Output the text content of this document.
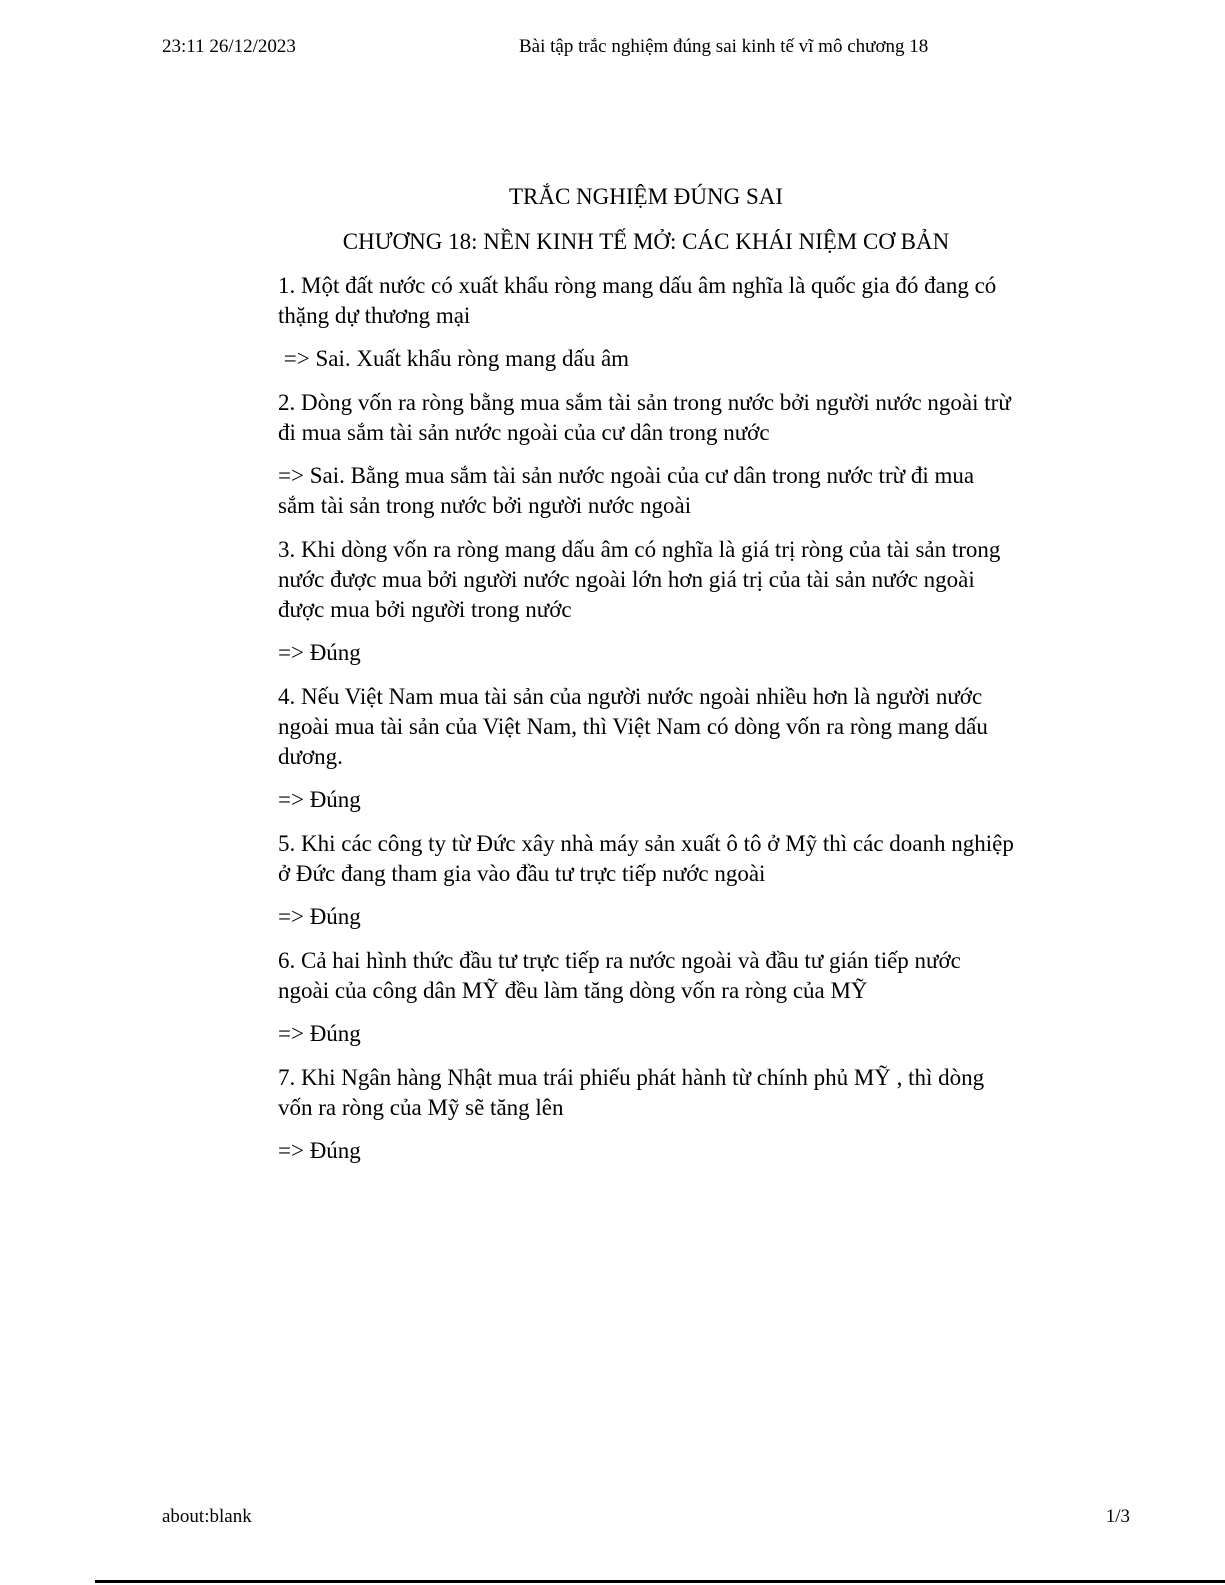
23:11 26/12/2023	Bài tập trắc nghiệm đúng sai kinh tế vĩ mô chương 18
TRẮC NGHIỆM ĐÚNG SAI
CHƯƠNG 18: NỀN KINH TẾ MỞ: CÁC KHÁI NIỆM CƠ BẢN

1. Một đất nước có xuất khẩu ròng mang dấu âm nghĩa là quốc gia đó đang có thặng dự thương mại

=> Sai. Xuất khẩu ròng mang dấu âm

2. Dòng vốn ra ròng bằng mua sắm tài sản trong nước bởi người nước ngoài trừ đi mua sắm tài sản nước ngoài của cư dân trong nước

=> Sai. Bằng mua sắm tài sản nước ngoài của cư dân trong nước trừ đi mua sắm tài sản trong nước bởi người nước ngoài

3. Khi dòng vốn ra ròng mang dấu âm có nghĩa là giá trị ròng của tài sản trong nước được mua bởi người nước ngoài lớn hơn giá trị của tài sản nước ngoài được mua bởi người trong nước

=> Đúng

4. Nếu Việt Nam mua tài sản của người nước ngoài nhiều hơn là người nước ngoài mua tài sản của Việt Nam, thì Việt Nam có dòng vốn ra ròng mang dấu dương.

=> Đúng

5. Khi các công ty từ Đức xây nhà máy sản xuất ô tô ở Mỹ thì các doanh nghiệp ở Đức đang tham gia vào đầu tư trực tiếp nước ngoài

=> Đúng

6. Cả hai hình thức đầu tư trực tiếp ra nước ngoài và đầu tư gián tiếp nước ngoài của công dân MỸ đều làm tăng dòng vốn ra ròng của MỸ

=> Đúng

7. Khi Ngân hàng Nhật mua trái phiếu phát hành từ chính phủ MỸ , thì dòng vốn ra ròng của Mỹ sẽ tăng lên

=> Đúng

about:blank	1/3
